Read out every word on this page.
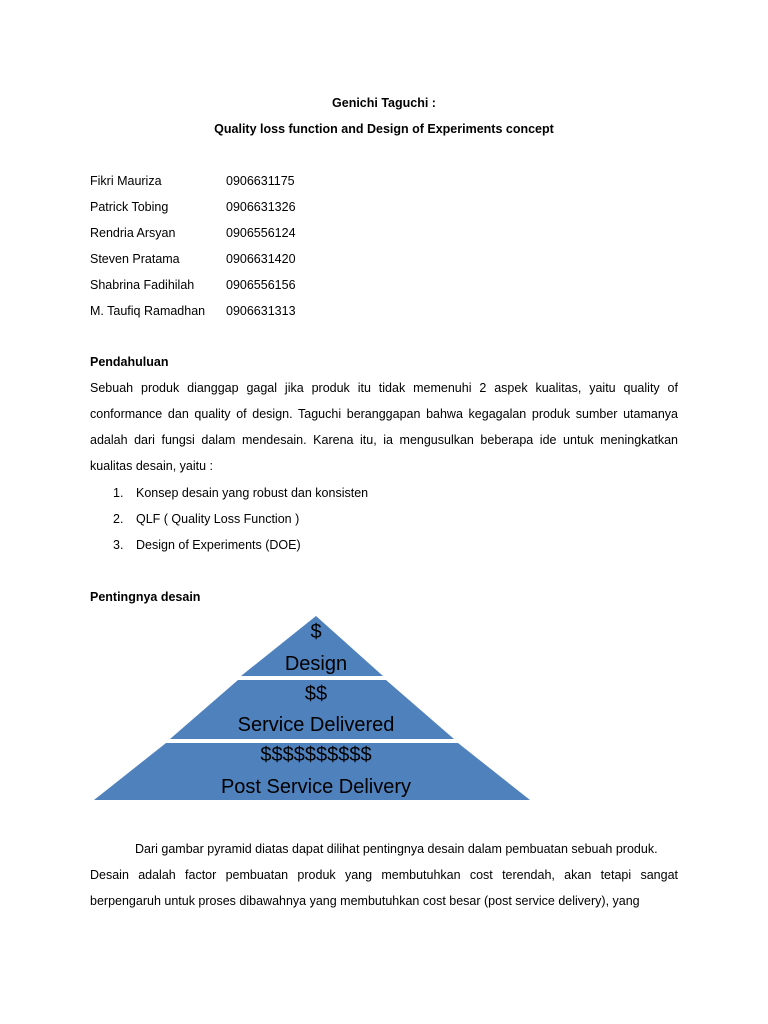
Genichi Taguchi :
Quality loss function and Design of Experiments concept
Fikri Mauriza	0906631175
Patrick Tobing	0906631326
Rendria Arsyan	0906556124
Steven Pratama	0906631420
Shabrina Fadihilah	0906556156
M. Taufiq Ramadhan 0906631313
Pendahuluan

Sebuah produk dianggap gagal jika produk itu tidak memenuhi 2 aspek kualitas, yaitu quality of conformance dan quality of design. Taguchi beranggapan bahwa kegagalan produk sumber utamanya adalah dari fungsi dalam mendesain. Karena itu, ia mengusulkan beberapa ide untuk meningkatkan kualitas desain, yaitu :

1. Konsep desain yang robust dan konsisten
2. QLF ( Quality Loss Function )
3. Design of Experiments (DOE)
Pentingnya desain
$
Design
$$
Service Delivered
$$$$$$$$$$
Post Service Delivery

Dari gambar pyramid diatas dapat dilihat pentingnya desain dalam pembuatan sebuah produk.

Desain adalah factor pembuatan produk yang membutuhkan cost terendah, akan tetapi sangat berpengaruh untuk proses dibawahnya yang membutuhkan cost besar (post service delivery), yang
